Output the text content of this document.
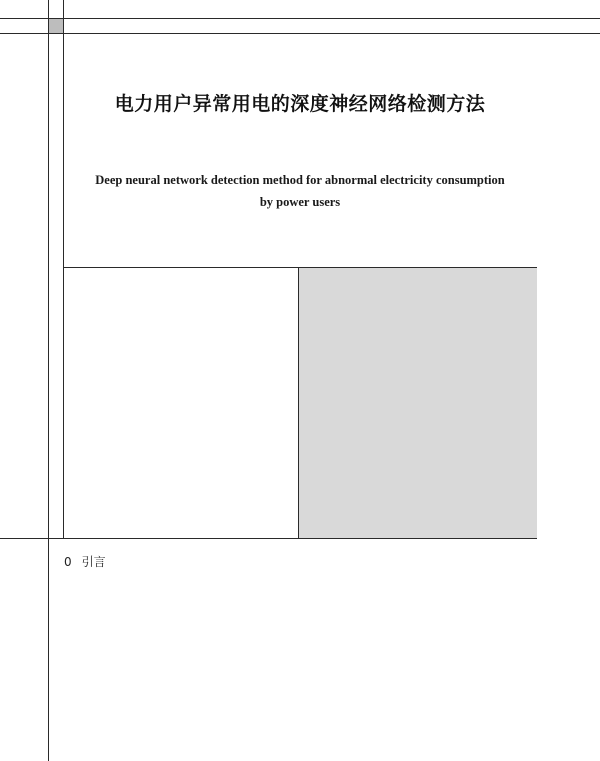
电力用户异常用电的深度神经网络检测方法
Deep neural network detection method for abnormal electricity consumption
by power users
0 引言
